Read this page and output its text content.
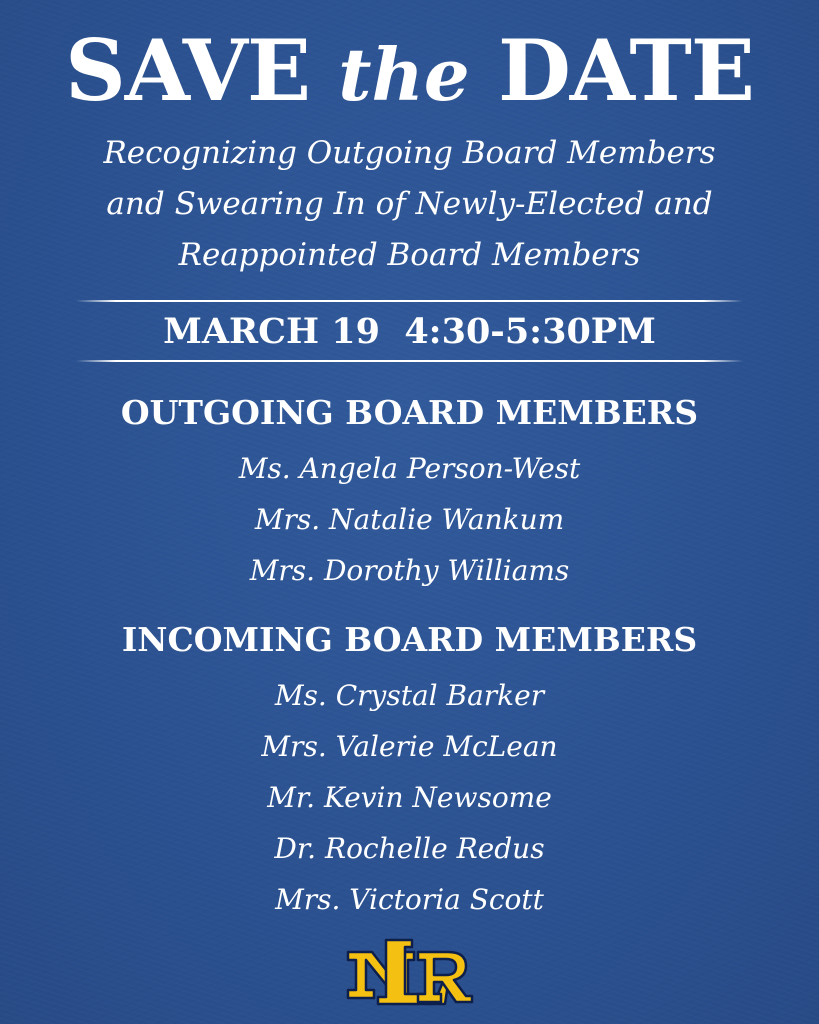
SAVE the DATE
Recognizing Outgoing Board Members
and Swearing In of Newly-Elected and
Reappointed Board Members
MARCH 19  4:30-5:30PM
OUTGOING BOARD MEMBERS
Ms. Angela Person-West
Mrs. Natalie Wankum
Mrs. Dorothy Williams
INCOMING BOARD MEMBERS
Ms. Crystal Barker
Mrs. Valerie McLean
Mr. Kevin Newsome
Dr. Rochelle Redus
Mrs. Victoria Scott
